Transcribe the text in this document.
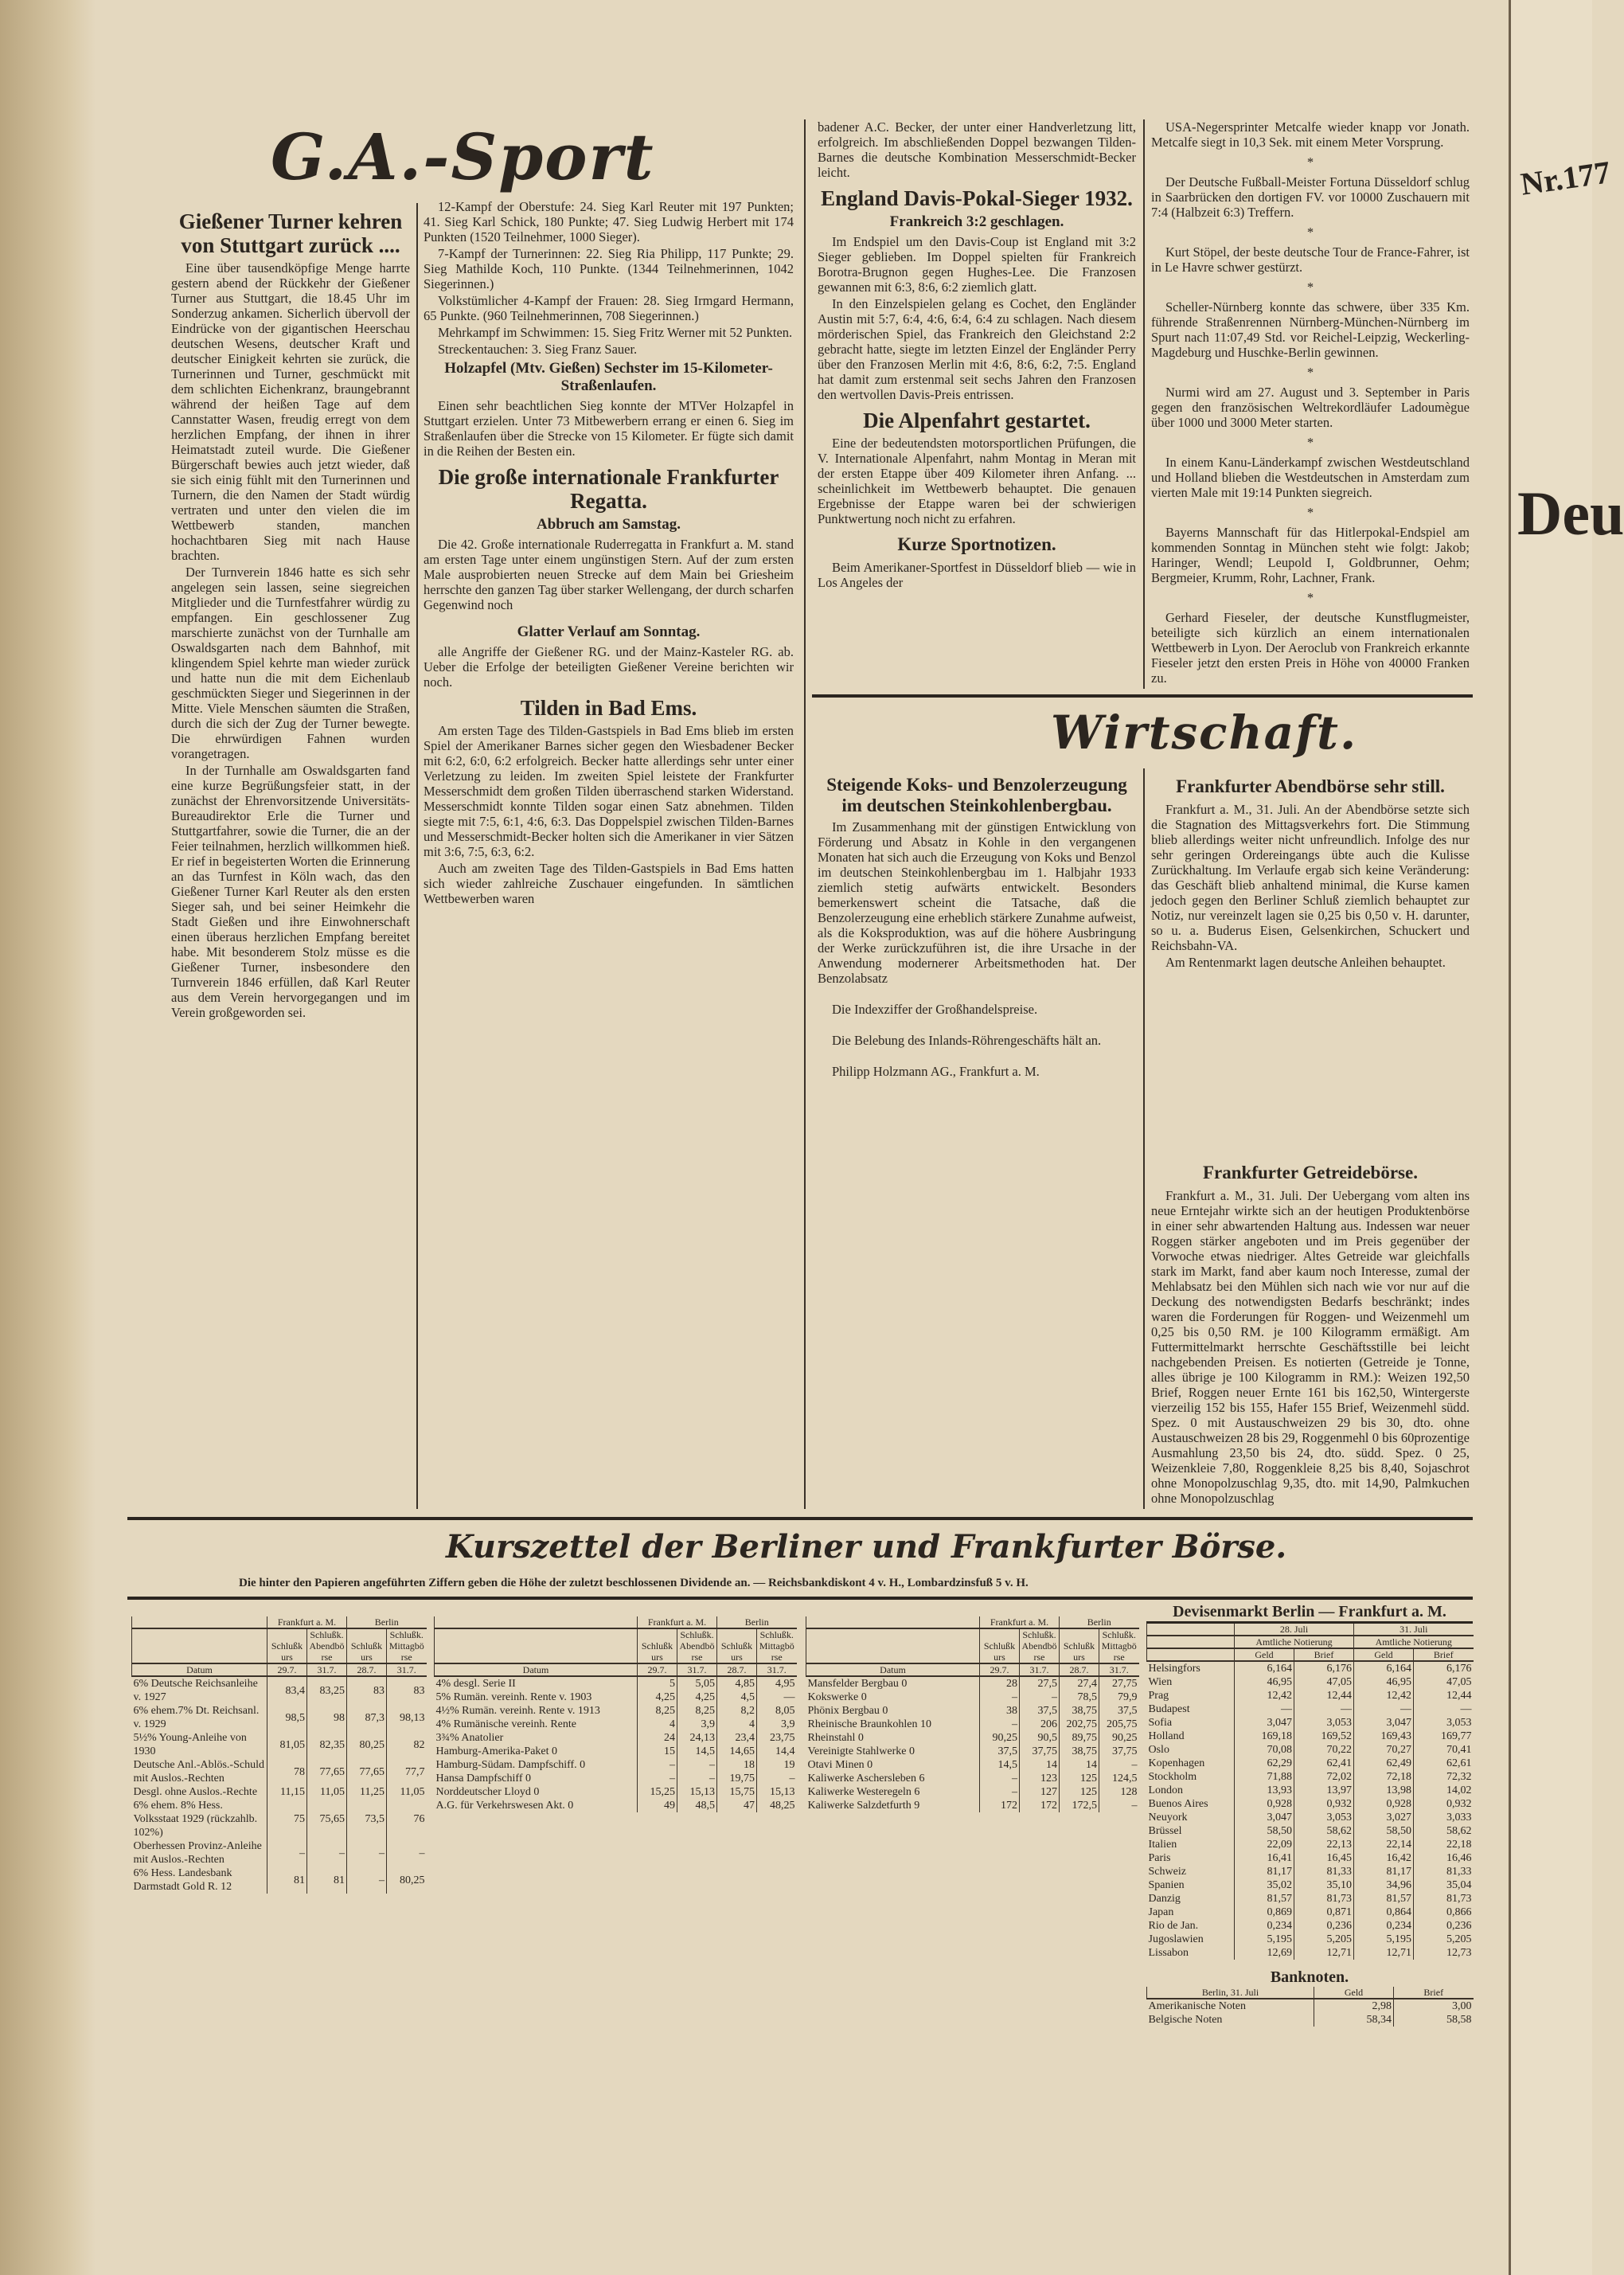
G.A.-Sport
Gießener Turner kehren von Stuttgart zurück ....

Eine über tausendköpfige Menge harrte gestern abend der Rückkehr der Gießener Turner aus Stuttgart, die 18.45 Uhr im Sonderzug ankamen. Sicherlich übervoll der Eindrücke von der gigantischen Heerschau deutschen Wesens, deutscher Kraft und deutscher Einigkeit kehrten sie zurück, die Turnerinnen und Turner, geschmückt mit dem schlichten Eichenkranz, braungebrannt während der heißen Tage auf dem Cannstatter Wasen, freudig erregt von dem herzlichen Empfang, der ihnen in ihrer Heimatstadt zuteil wurde. Die Gießener Bürgerschaft bewies auch jetzt wieder, daß sie sich einig fühlt mit den Turnerinnen und Turnern, die den Namen der Stadt würdig vertraten und unter den vielen die im Wettbewerb standen, manchen hochachtbaren Sieg mit nach Hause brachten.

Der Turnverein 1846 hatte es sich sehr angelegen sein lassen, seine siegreichen Mitglieder und die Turnfestfahrer würdig zu empfangen. Ein geschlossener Zug marschierte zunächst von der Turnhalle am Oswaldsgarten nach dem Bahnhof, mit klingendem Spiel kehrte man wieder zurück und hatte nun die mit dem Eichenlaub geschmückten Sieger und Siegerinnen in der Mitte. Viele Menschen säumten die Straßen, durch die sich der Zug der Turner bewegte. Die ehrwürdigen Fahnen wurden vorangetragen.

In der Turnhalle am Oswaldsgarten fand eine kurze Begrüßungsfeier statt, in der zunächst der Ehrenvorsitzende Universitäts-Bureaudirektor Erle die Turner und Stuttgartfahrer, sowie die Turner, die an der Feier teilnahmen, herzlich willkommen hieß. Er rief in begeisterten Worten die Erinnerung an das Turnfest in Köln wach, das den Gießener Turner Karl Reuter als den ersten Sieger sah, und bei seiner Heimkehr die Stadt Gießen und ihre Einwohnerschaft einen überaus herzlichen Empfang bereitet habe. Mit besonderem Stolz müsse es die Gießener Turner, insbesondere den Turnverein 1846 erfüllen, daß Karl Reuter aus dem Verein hervorgegangen und im Verein großgeworden sei.

12-Kampf der Oberstufe: 24. Sieg Karl Reuter mit 197 Punkten; 41. Sieg Karl Schick, 180 Punkte; 47. Sieg Ludwig Herbert mit 174 Punkten (1520 Teilnehmer, 1000 Sieger).

7-Kampf der Turnerinnen: 22. Sieg Ria Philipp, 117 Punkte; 29. Sieg Mathilde Koch, 110 Punkte. (1344 Teilnehmerinnen, 1042 Siegerinnen.)

Volkstümlicher 4-Kampf der Frauen: 28. Sieg Irmgard Hermann, 65 Punkte. (960 Teilnehmerinnen, 708 Siegerinnen.)

Mehrkampf im Schwimmen: 15. Sieg Fritz Werner mit 52 Punkten.

Streckentauchen: 3. Sieg Franz Sauer.

Holzapfel (Mtv. Gießen) Sechster im 15-Kilometer-Straßenlaufen.

Einen sehr beachtlichen Sieg konnte der MTVer Holzapfel in Stuttgart erzielen. Unter 73 Mitbewerbern errang er einen 6. Sieg im Straßenlaufen über die Strecke von 15 Kilometer. Er fügte sich damit in die Reihen der Besten ein.

Die große internationale Frankfurter Regatta.
Abbruch am Samstag.

Die 42. Große internationale Ruderregatta in Frankfurt a. M. stand am ersten Tage unter einem ungünstigen Stern. Auf der zum ersten Male ausprobierten neuen Strecke auf dem Main bei Griesheim herrschte den ganzen Tag über starker Wellengang, der durch scharfen Gegenwind noch

Glatter Verlauf am Sonntag.

alle Angriffe der Gießener RG. und der Mainz-Kasteler RG. ab. Ueber die Erfolge der beteiligten Gießener Vereine berichten wir noch.

Tilden in Bad Ems.

Am ersten Tage des Tilden-Gastspiels in Bad Ems blieb im ersten Spiel der Amerikaner Barnes sicher gegen den Wiesbadener Becker mit 6:2, 6:0, 6:2 erfolgreich. Becker hatte allerdings sehr unter einer Verletzung zu leiden. Im zweiten Spiel leistete der Frankfurter Messerschmidt dem großen Tilden überraschend starken Widerstand. Messerschmidt konnte Tilden sogar einen Satz abnehmen. Tilden siegte mit 7:5, 6:1, 4:6, 6:3. Das Doppelspiel zwischen Tilden-Barnes und Messerschmidt-Becker holten sich die Amerikaner in vier Sätzen mit 3:6, 7:5, 6:3, 6:2.

Auch am zweiten Tage des Tilden-Gastspiels in Bad Ems hatten sich wieder zahlreiche Zuschauer eingefunden. In sämtlichen Wettbewerben waren

badener A.C. Becker, der unter einer Handverletzung litt, erfolgreich. Im abschließenden Doppel bezwangen Tilden-Barnes die deutsche Kombination Messerschmidt-Becker leicht.

England Davis-Pokal-Sieger 1932.
Frankreich 3:2 geschlagen.

Im Endspiel um den Davis-Coup ist England mit 3:2 Sieger geblieben. Im Doppel spielten für Frankreich Borotra-Brugnon gegen Hughes-Lee. Die Franzosen gewannen mit 6:3, 8:6, 6:2 ziemlich glatt.

In den Einzelspielen gelang es Cochet, den Engländer Austin mit 5:7, 6:4, 4:6, 6:4, 6:4 zu schlagen. Nach diesem mörderischen Spiel, das Frankreich den Gleichstand 2:2 gebracht hatte, siegte im letzten Einzel der Engländer Perry über den Franzosen Merlin mit 4:6, 8:6, 6:2, 7:5. England hat damit zum erstenmal seit sechs Jahren den Franzosen den wertvollen Davis-Preis entrissen.

Die Alpenfahrt gestartet.

Eine der bedeutendsten motorsportlichen Prüfungen, die V. Internationale Alpenfahrt, nahm Montag in Meran mit der ersten Etappe über 409 Kilometer ihren Anfang. ... scheinlichkeit im Wettbewerb behauptet. Die genauen Ergebnisse der Etappe waren bei der schwierigen Punktwertung noch nicht zu erfahren.

Kurze Sportnotizen.

Beim Amerikaner-Sportfest in Düsseldorf blieb — wie in Los Angeles der

USA-Negersprinter Metcalfe wieder knapp vor Jonath. Metcalfe siegt in 10,3 Sek. mit einem Meter Vorsprung.

*

Der Deutsche Fußball-Meister Fortuna Düsseldorf schlug in Saarbrücken den dortigen FV. vor 10000 Zuschauern mit 7:4 (Halbzeit 6:3) Treffern.

*

Kurt Stöpel, der beste deutsche Tour de France-Fahrer, ist in Le Havre schwer gestürzt.

*

Scheller-Nürnberg konnte das schwere, über 335 Km. führende Straßenrennen Nürnberg-München-Nürnberg im Spurt nach 11:07,49 Std. vor Reichel-Leipzig, Weckerling-Magdeburg und Huschke-Berlin gewinnen.

*

Nurmi wird am 27. August und 3. September in Paris gegen den französischen Weltrekordläufer Ladoumègue über 1000 und 3000 Meter starten.

*

In einem Kanu-Länderkampf zwischen Westdeutschland und Holland blieben die Westdeutschen in Amsterdam zum vierten Male mit 19:14 Punkten siegreich.

*

Bayerns Mannschaft für das Hitlerpokal-Endspiel am kommenden Sonntag in München steht wie folgt: Jakob; Haringer, Wendl; Leupold I, Goldbrunner, Oehm; Bergmeier, Krumm, Rohr, Lachner, Frank.

*

Gerhard Fieseler, der deutsche Kunstflugmeister, beteiligte sich kürzlich an einem internationalen Wettbewerb in Lyon. Der Aeroclub von Frankreich erkannte Fieseler jetzt den ersten Preis in Höhe von 40000 Franken zu.

Wirtschaft.
Steigende Koks- und Benzolerzeugung im deutschen Steinkohlenbergbau.

Im Zusammenhang mit der günstigen Entwicklung von Förderung und Absatz in Kohle in den vergangenen Monaten hat sich auch die Erzeugung von Koks und Benzol im deutschen Steinkohlenbergbau im 1. Halbjahr 1933 ziemlich stetig aufwärts entwickelt. Besonders bemerkenswert scheint die Tatsache, daß die Benzolerzeugung eine erheblich stärkere Zunahme aufweist, als die Koksproduktion, was auf die höhere Ausbringung der Werke zurückzuführen ist, die ihre Ursache in der Anwendung modernerer Arbeitsmethoden hat. Der Benzolabsatz

Die Indexziffer der Großhandelspreise.

Die Belebung des Inlands-Röhrengeschäfts hält an.

Philipp Holzmann AG., Frankfurt a. M.

Frankfurter Abendbörse sehr still.

Frankfurt a. M., 31. Juli. An der Abendbörse setzte sich die Stagnation des Mittagsverkehrs fort. Die Stimmung blieb allerdings weiter nicht unfreundlich. Infolge des nur sehr geringen Ordereingangs übte auch die Kulisse Zurückhaltung. Im Verlaufe ergab sich keine Veränderung: das Geschäft blieb anhaltend minimal, die Kurse kamen jedoch gegen den Berliner Schluß ziemlich behauptet zur Notiz, nur vereinzelt lagen sie 0,25 bis 0,50 v. H. darunter, so u. a. Buderus Eisen, Gelsenkirchen, Schuckert und Reichsbahn-VA.

Am Rentenmarkt lagen deutsche Anleihen behauptet.

Frankfurter Getreidebörse.

Frankfurt a. M., 31. Juli. Der Uebergang vom alten ins neue Erntejahr wirkte sich an der heutigen Produktenbörse in einer sehr abwartenden Haltung aus. Indessen war neuer Roggen stärker angeboten und im Preis gegenüber der Vorwoche etwas niedriger. Altes Getreide war gleichfalls stark im Markt, fand aber kaum noch Interesse, zumal der Mehlabsatz bei den Mühlen sich nach wie vor nur auf die Deckung des notwendigsten Bedarfs beschränkt; indes waren die Forderungen für Roggen- und Weizenmehl um 0,25 bis 0,50 RM. je 100 Kilogramm ermäßigt. Am Futtermittelmarkt herrschte Geschäftsstille bei leicht nachgebenden Preisen. Es notierten (Getreide je Tonne, alles übrige je 100 Kilogramm in RM.): Weizen 192,50 Brief, Roggen neuer Ernte 161 bis 162,50, Wintergerste vierzeilig 152 bis 155, Hafer 155 Brief, Weizenmehl südd. Spez. 0 mit Austauschweizen 29 bis 30, dto. ohne Austauschweizen 28 bis 29, Roggenmehl 0 bis 60prozentige Ausmahlung 23,50 bis 24, dto. südd. Spez. 0 25, Weizenkleie 7,80, Roggenkleie 8,25 bis 8,40, Sojaschrot ohne Monopolzuschlag 9,35, dto. mit 14,90, Palmkuchen ohne Monopolzuschlag

Kurszettel der Berliner und Frankfurter Börse.
Die hinter den Papieren angeführten Ziffern geben die Höhe der zuletzt beschlossenen Dividende an. — Reichsbankdiskont 4 v. H., Lombardzinsfuß 5 v. H.
	Frankfurt a. M.		Berlin	
	Schlußkurs	Schlußk. Abendbörse	Schlußkurs	Schlußk. Mittagbörse
Datum	29.7.	31.7.	28.7.	31.7.
6% Deutsche Reichsanleihe v. 1927	83,4	83,25	83	83
6% ehem.7% Dt. Reichsanl. v. 1929	98,5	98	87,3	98,13
5½% Young-Anleihe von 1930	81,05	82,35	80,25	82
Deutsche Anl.-Ablös.-Schuld mit Auslos.-Rechten	78	77,65	77,65	77,7
Desgl. ohne Auslos.-Rechte	11,15	11,05	11,25	11,05
6% ehem. 8% Hess. Volksstaat 1929 (rückzahlb. 102%)	75	75,65	73,5	76
Oberhessen Provinz-Anleihe mit Auslos.-Rechten	–	–	–	–
6% Hess. Landesbank Darmstadt Gold R. 12	81	81	–	80,25
	Frankfurt a. M.		Berlin	
	Schlußkurs	Schlußk. Abendbörse	Schlußkurs	Schlußk. Mittagbörse
Datum	29.7.	31.7.	28.7.	31.7.
4% desgl. Serie II	5	5,05	4,85	4,95
5% Rumän. vereinh. Rente v. 1903	4,25	4,25	4,5	—
4½% Rumän. vereinh. Rente v. 1913	8,25	8,25	8,2	8,05
4% Rumänische vereinh. Rente	4	3,9	4	3,9
3¾% Anatolier	24	24,13	23,4	23,75
Hamburg-Amerika-Paket 0	15	14,5	14,65	14,4
Hamburg-Südam. Dampfschiff. 0	–	–	18	19
Hansa Dampfschiff 0	–	–	19,75	–
Norddeutscher Lloyd 0	15,25	15,13	15,75	15,13
A.G. für Verkehrswesen Akt. 0	49	48,5	47	48,25
	Frankfurt a. M.		Berlin	
	Schlußkurs	Schlußk. Abendbörse	Schlußkurs	Schlußk. Mittagbörse
Datum	29.7.	31.7.	28.7.	31.7.
Mansfelder Bergbau 0	28	27,5	27,4	27,75
Kokswerke 0	–	–	78,5	79,9
Phönix Bergbau 0	38	37,5	38,75	37,5
Rheinische Braunkohlen 10	–	206	202,75	205,75
Rheinstahl 0	90,25	90,5	89,75	90,25
Vereinigte Stahlwerke 0	37,5	37,75	38,75	37,75
Otavi Minen 0	14,5	14	14	–
Kaliwerke Aschersleben 6	–	123	125	124,5
Kaliwerke Westeregeln 6	–	127	125	128
Kaliwerke Salzdetfurth 9	172	172	172,5	–
Devisenmarkt Berlin — Frankfurt a. M.
	28. Juli		31. Juli	
	Amtliche Notierung		Amtliche Notierung	
	Geld	Brief	Geld	Brief
Helsingfors	6,164	6,176	6,164	6,176
Wien	46,95	47,05	46,95	47,05
Prag	12,42	12,44	12,42	12,44
Budapest	—	—	—	—
Sofia	3,047	3,053	3,047	3,053
Holland	169,18	169,52	169,43	169,77
Oslo	70,08	70,22	70,27	70,41
Kopenhagen	62,29	62,41	62,49	62,61
Stockholm	71,88	72,02	72,18	72,32
London	13,93	13,97	13,98	14,02
Buenos Aires	0,928	0,932	0,928	0,932
Neuyork	3,047	3,053	3,027	3,033
Brüssel	58,50	58,62	58,50	58,62
Italien	22,09	22,13	22,14	22,18
Paris	16,41	16,45	16,42	16,46
Schweiz	81,17	81,33	81,17	81,33
Spanien	35,02	35,10	34,96	35,04
Danzig	81,57	81,73	81,57	81,73
Japan	0,869	0,871	0,864	0,866
Rio de Jan.	0,234	0,236	0,234	0,236
Jugoslawien	5,195	5,205	5,195	5,205
Lissabon	12,69	12,71	12,71	12,73
Banknoten.
Berlin, 31. Juli	Geld	Brief
Amerikanische Noten	2,98	3,00
Belgische Noten	58,34	58,58
Nr.177
Deu
